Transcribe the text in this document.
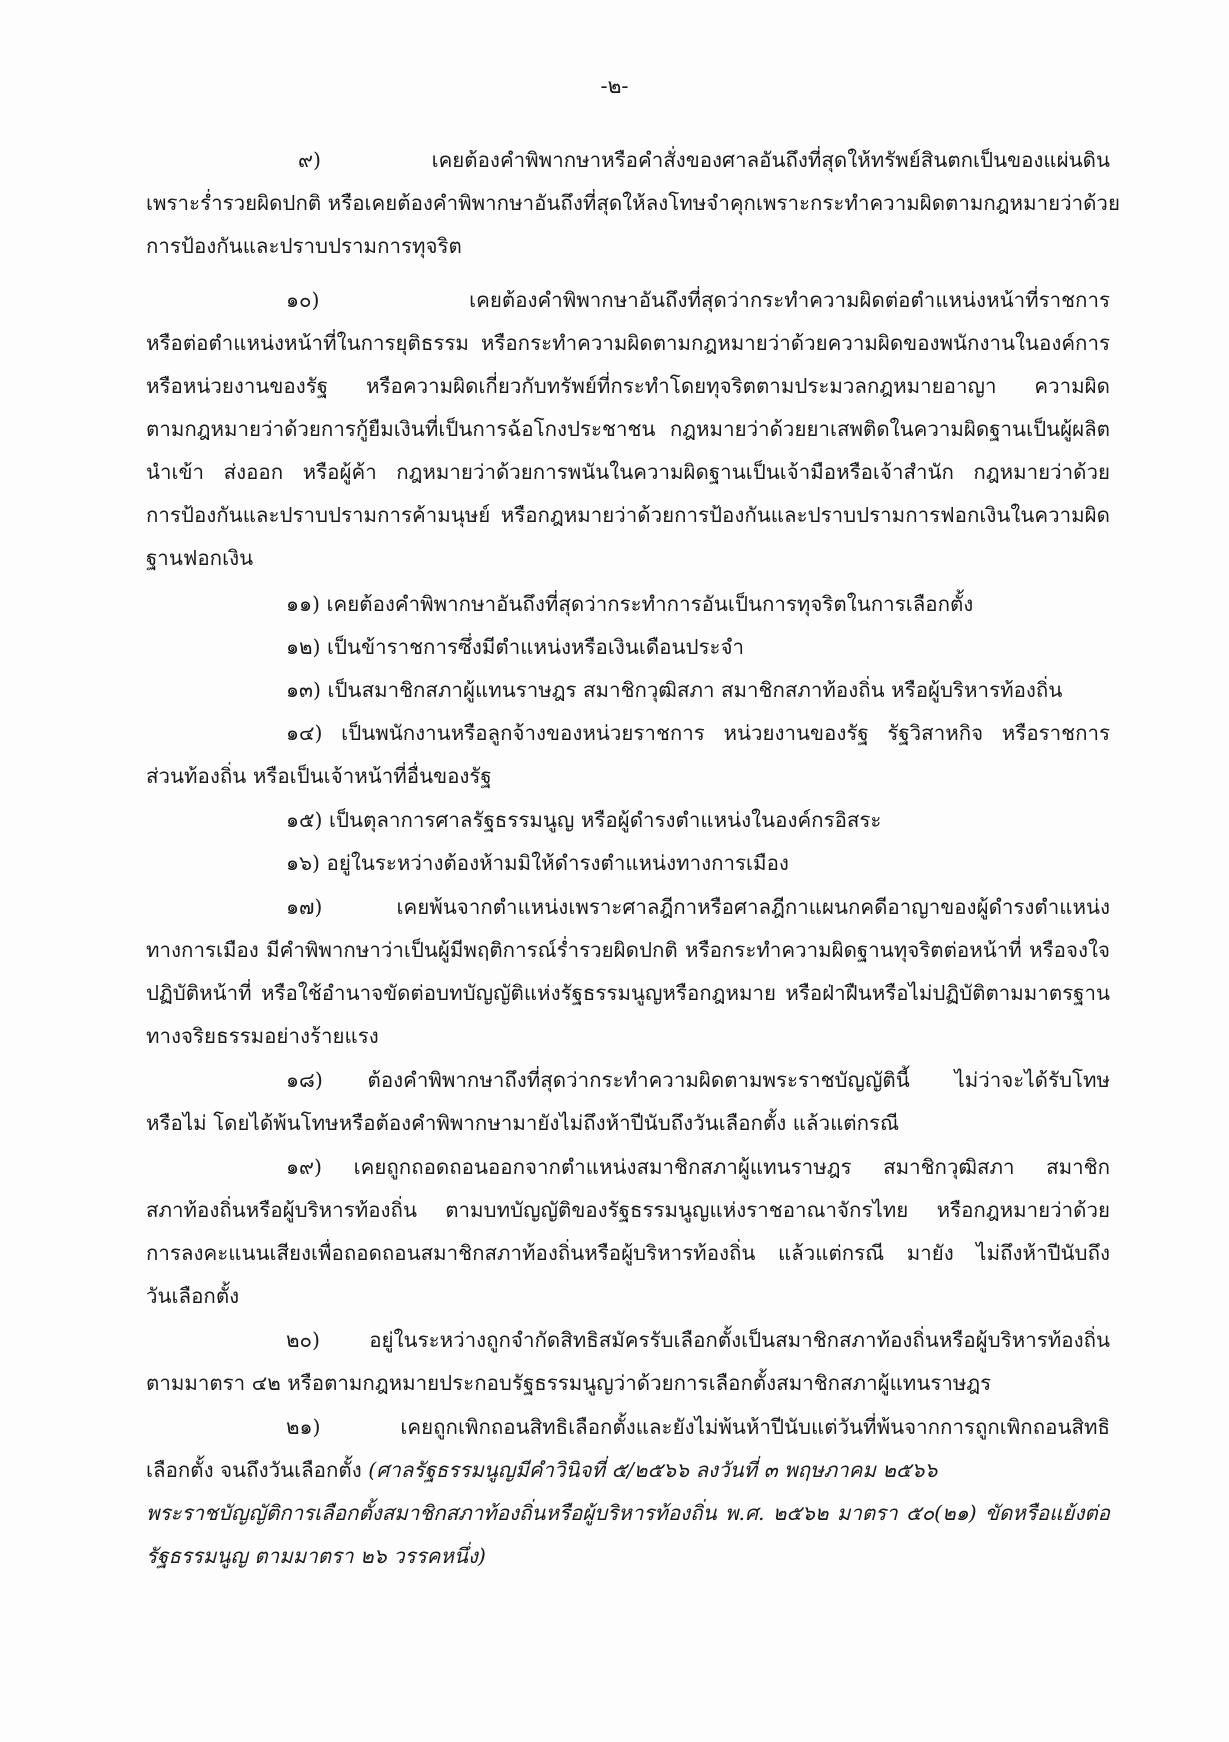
-๒-
๙) เคยต้องคำพิพากษาหรือคำสั่งของศาลอันถึงที่สุดให้ทรัพย์สินตกเป็นของแผ่นดิน
เพราะร่ำรวยผิดปกติ หรือเคยต้องคำพิพากษาอันถึงที่สุดให้ลงโทษจำคุกเพราะกระทำความผิดตามกฎหมายว่าด้วย
การป้องกันและปราบปรามการทุจริต
๑๐) เคยต้องคำพิพากษาอันถึงที่สุดว่ากระทำความผิดต่อตำแหน่งหน้าที่ราชการ
หรือต่อตำแหน่งหน้าที่ในการยุติธรรม หรือกระทำความผิดตามกฎหมายว่าด้วยความผิดของพนักงานในองค์การ
หรือหน่วยงานของรัฐ หรือความผิดเกี่ยวกับทรัพย์ที่กระทำโดยทุจริตตามประมวลกฎหมายอาญา ความผิด
ตามกฎหมายว่าด้วยการกู้ยืมเงินที่เป็นการฉ้อโกงประชาชน กฎหมายว่าด้วยยาเสพติดในความผิดฐานเป็นผู้ผลิต
นำเข้า ส่งออก หรือผู้ค้า กฎหมายว่าด้วยการพนันในความผิดฐานเป็นเจ้ามือหรือเจ้าสำนัก กฎหมายว่าด้วย
การป้องกันและปราบปรามการค้ามนุษย์ หรือกฎหมายว่าด้วยการป้องกันและปราบปรามการฟอกเงินในความผิด
ฐานฟอกเงิน
๑๑) เคยต้องคำพิพากษาอันถึงที่สุดว่ากระทำการอันเป็นการทุจริตในการเลือกตั้ง
๑๒) เป็นข้าราชการซึ่งมีตำแหน่งหรือเงินเดือนประจำ
๑๓) เป็นสมาชิกสภาผู้แทนราษฎร สมาชิกวุฒิสภา สมาชิกสภาท้องถิ่น หรือผู้บริหารท้องถิ่น
๑๔) เป็นพนักงานหรือลูกจ้างของหน่วยราชการ หน่วยงานของรัฐ รัฐวิสาหกิจ หรือราชการ
ส่วนท้องถิ่น หรือเป็นเจ้าหน้าที่อื่นของรัฐ
๑๕) เป็นตุลาการศาลรัฐธรรมนูญ หรือผู้ดำรงตำแหน่งในองค์กรอิสระ
๑๖) อยู่ในระหว่างต้องห้ามมิให้ดำรงตำแหน่งทางการเมือง
๑๗) เคยพ้นจากตำแหน่งเพราะศาลฎีกาหรือศาลฎีกาแผนกคดีอาญาของผู้ดำรงตำแหน่ง
ทางการเมือง มีคำพิพากษาว่าเป็นผู้มีพฤติการณ์ร่ำรวยผิดปกติ หรือกระทำความผิดฐานทุจริตต่อหน้าที่ หรือจงใจ
ปฏิบัติหน้าที่ หรือใช้อำนาจขัดต่อบทบัญญัติแห่งรัฐธรรมนูญหรือกฎหมาย หรือฝ่าฝืนหรือไม่ปฏิบัติตามมาตรฐาน
ทางจริยธรรมอย่างร้ายแรง
๑๘) ต้องคำพิพากษาถึงที่สุดว่ากระทำความผิดตามพระราชบัญญัตินี้ ไม่ว่าจะได้รับโทษ
หรือไม่ โดยได้พ้นโทษหรือต้องคำพิพากษามายังไม่ถึงห้าปีนับถึงวันเลือกตั้ง แล้วแต่กรณี
๑๙) เคยถูกถอดถอนออกจากตำแหน่งสมาชิกสภาผู้แทนราษฎร สมาชิกวุฒิสภา สมาชิก
สภาท้องถิ่นหรือผู้บริหารท้องถิ่น ตามบทบัญญัติของรัฐธรรมนูญแห่งราชอาณาจักรไทย หรือกฎหมายว่าด้วย
การลงคะแนนเสียงเพื่อถอดถอนสมาชิกสภาท้องถิ่นหรือผู้บริหารท้องถิ่น แล้วแต่กรณี มายัง ไม่ถึงห้าปีนับถึง
วันเลือกตั้ง
๒๐) อยู่ในระหว่างถูกจำกัดสิทธิสมัครรับเลือกตั้งเป็นสมาชิกสภาท้องถิ่นหรือผู้บริหารท้องถิ่น
ตามมาตรา ๔๒ หรือตามกฎหมายประกอบรัฐธรรมนูญว่าด้วยการเลือกตั้งสมาชิกสภาผู้แทนราษฎร
๒๑) เคยถูกเพิกถอนสิทธิเลือกตั้งและยังไม่พ้นห้าปีนับแต่วันที่พ้นจากการถูกเพิกถอนสิทธิ
เลือกตั้ง จนถึงวันเลือกตั้ง (ศาลรัฐธรรมนูญมีคำวินิจที่ ๕/๒๕๖๖ ลงวันที่ ๓ พฤษภาคม ๒๕๖๖
พระราชบัญญัติการเลือกตั้งสมาชิกสภาท้องถิ่นหรือผู้บริหารท้องถิ่น พ.ศ. ๒๕๖๒ มาตรา ๕๐(๒๑) ขัดหรือแย้งต่อ
รัฐธรรมนูญ ตามมาตรา ๒๖ วรรคหนึ่ง)
